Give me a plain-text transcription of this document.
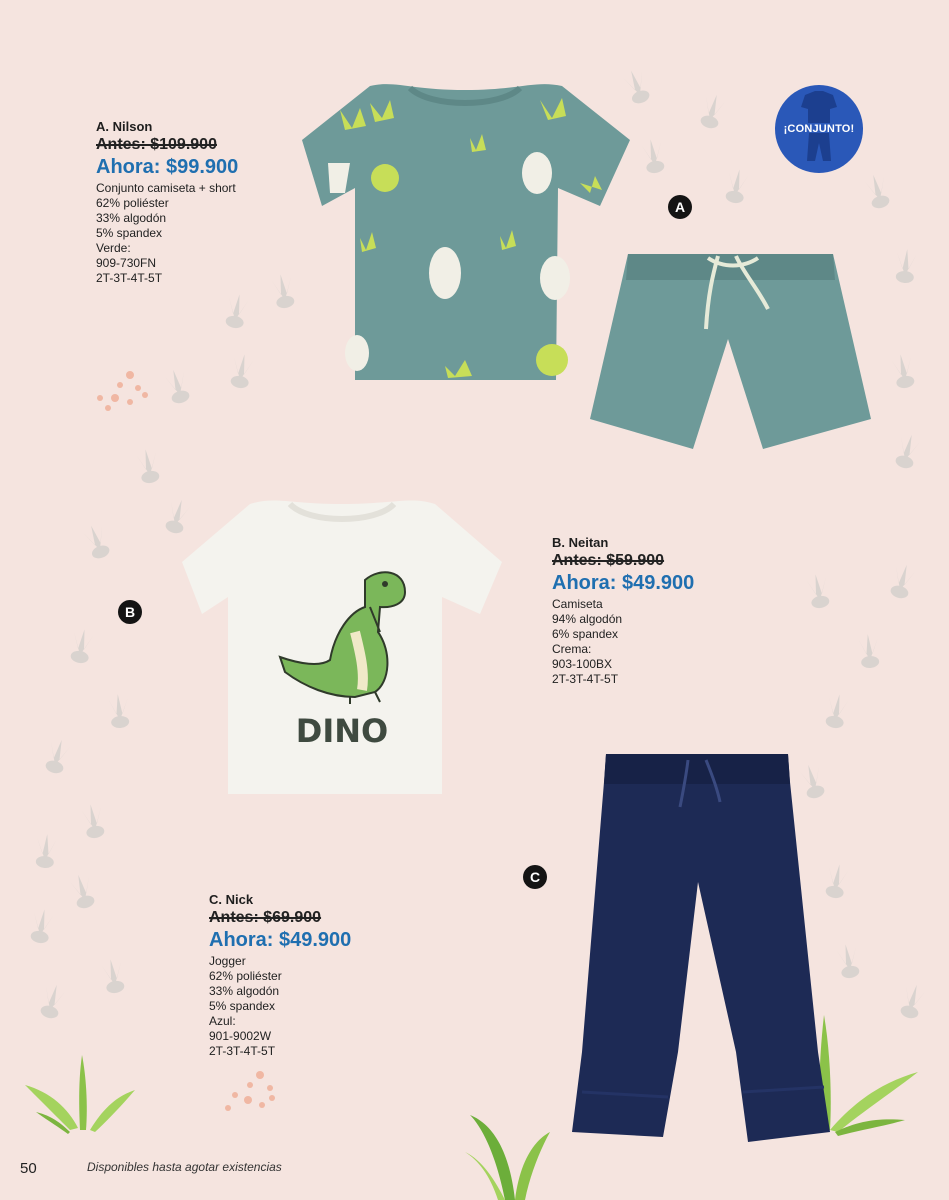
¡CONJUNTO!
DINO
A
B
C
A. Nilson
Antes: $109.900
Ahora: $99.900
Conjunto camiseta + short
62% poliéster
33% algodón
5% spandex
Verde:
909-730FN
2T-3T-4T-5T
B. Neitan
Antes: $59.900
Ahora: $49.900
Camiseta
94% algodón
6% spandex
Crema:
903-100BX
2T-3T-4T-5T
C. Nick
Antes: $69.900
Ahora: $49.900
Jogger
62% poliéster
33% algodón
5% spandex
Azul:
901-9002W
2T-3T-4T-5T
50	Disponibles hasta agotar existencias
